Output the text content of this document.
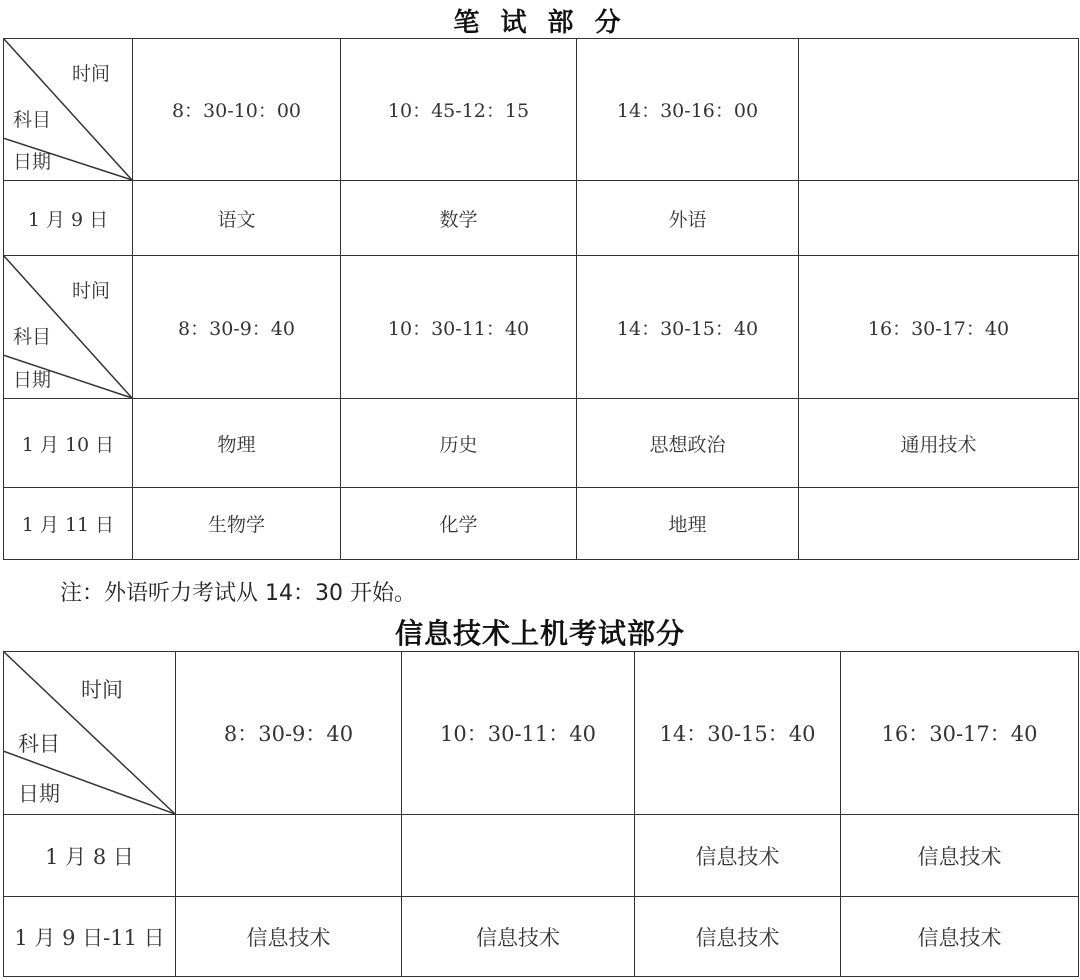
笔 试 部 分
时间
科目
日期	8：30-10：00	10：45-12：15	14：30-16：00	
1 月 9 日	语文	数学	外语	

时间
科目
日期	8：30-9：40	10：30-11：40	14：30-15：40	16：30-17：40
1 月 10 日	物理	历史	思想政治	通用技术
1 月 11 日	生物学	化学	地理	
注：外语听力考试从 14：30 开始。
信息技术上机考试部分
时间
科目
日期	8：30-9：40	10：30-11：40	14：30-15：40	16：30-17：40
1 月 8 日			信息技术	信息技术
1 月 9 日-11 日	信息技术	信息技术	信息技术	信息技术
